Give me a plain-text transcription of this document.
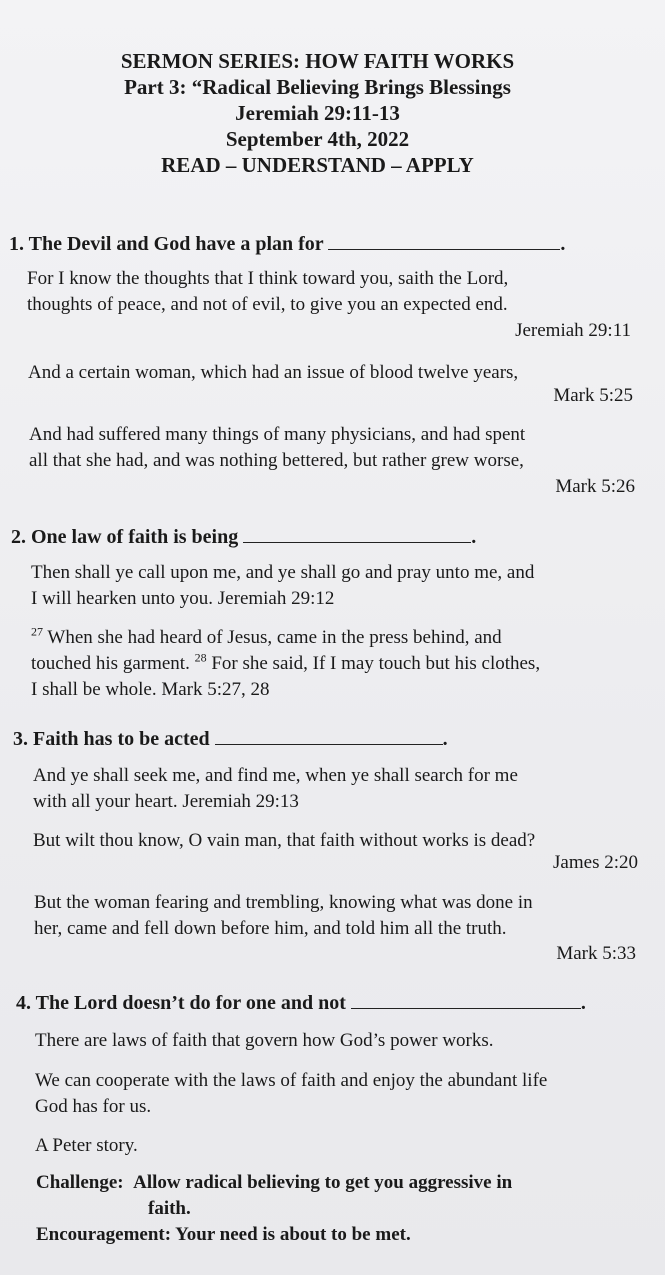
SERMON SERIES: HOW FAITH WORKS
Part 3: “Radical Believing Brings Blessings
Jeremiah 29:11-13
September 4th, 2022
READ – UNDERSTAND – APPLY
1. The Devil and God have a plan for	.
For I know the thoughts that I think toward you, saith the Lord,
thoughts of peace, and not of evil, to give you an expected end.
Jeremiah 29:11
And a certain woman, which had an issue of blood twelve years,
Mark 5:25
And had suffered many things of many physicians, and had spent
all that she had, and was nothing bettered, but rather grew worse,
Mark 5:26
2. One law of faith is being	.
Then shall ye call upon me, and ye shall go and pray unto me, and
I will hearken unto you. Jeremiah 29:12
$^{27}$ When she had heard of Jesus, came in the press behind, and
touched his garment. $^{28}$ For she said, If I may touch but his clothes,
I shall be whole. Mark 5:27, 28
3. Faith has to be acted	.
And ye shall seek me, and find me, when ye shall search for me
with all your heart. Jeremiah 29:13
But wilt thou know, O vain man, that faith without works is dead?
James 2:20
But the woman fearing and trembling, knowing what was done in
her, came and fell down before him, and told him all the truth.
Mark 5:33
4. The Lord doesn’t do for one and not	.
There are laws of faith that govern how God’s power works.
We can cooperate with the laws of faith and enjoy the abundant life
God has for us.
A Peter story.
Challenge: Allow radical believing to get you aggressive in
faith.
Encouragement: Your need is about to be met.
